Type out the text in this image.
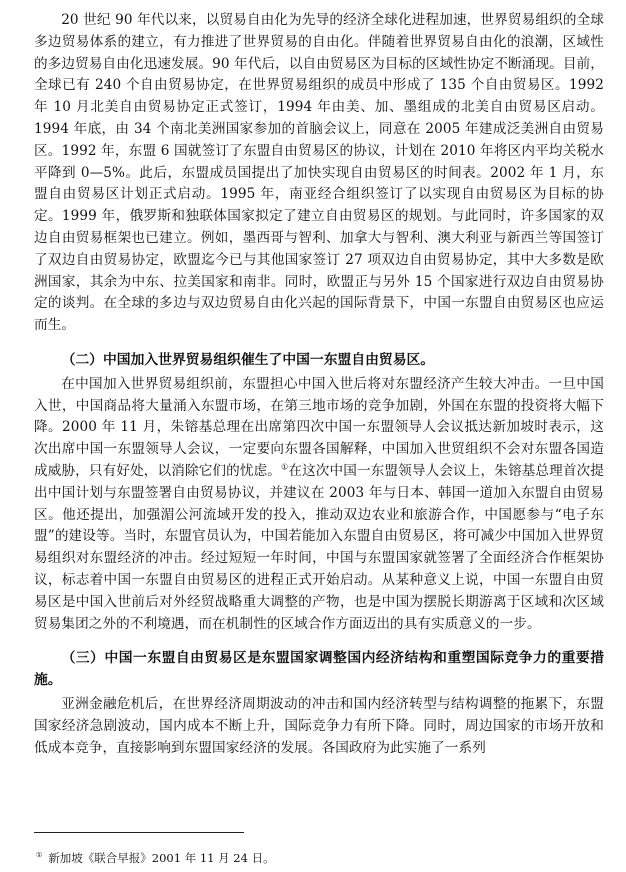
20 世纪 90 年代以来，以贸易自由化为先导的经济全球化进程加速，世界贸易组织的全球多边贸易体系的建立，有力推进了世界贸易的自由化。伴随着世界贸易自由化的浪潮，区域性的多边贸易自由化迅速发展。90 年代后，以自由贸易区为目标的区域性协定不断涌现。目前，全球已有 240 个自由贸易协定，在世界贸易组织的成员中形成了 135 个自由贸易区。1992 年 10 月北美自由贸易协定正式签订，1994 年由美、加、墨组成的北美自由贸易区启动。1994 年底，由 34 个南北美洲国家参加的首脑会议上，同意在 2005 年建成泛美洲自由贸易区。1992 年，东盟 6 国就签订了东盟自由贸易区的协议，计划在 2010 年将区内平均关税水平降到 0—5%。此后，东盟成员国提出了加快实现自由贸易区的时间表。2002 年 1 月，东盟自由贸易区计划正式启动。1995 年，南亚经合组织签订了以实现自由贸易区为目标的协定。1999 年，俄罗斯和独联体国家拟定了建立自由贸易区的规划。与此同时，许多国家的双边自由贸易框架也已建立。例如，墨西哥与智利、加拿大与智利、澳大利亚与新西兰等国签订了双边自由贸易协定，欧盟迄今已与其他国家签订 27 项双边自由贸易协定，其中大多数是欧洲国家，其余为中东、拉美国家和南非。同时，欧盟正与另外 15 个国家进行双边自由贸易协定的谈判。在全球的多边与双边贸易自由化兴起的国际背景下，中国一东盟自由贸易区也应运而生。

（二）中国加入世界贸易组织催生了中国一东盟自由贸易区。

在中国加入世界贸易组织前，东盟担心中国入世后将对东盟经济产生较大冲击。一旦中国入世，中国商品将大量涌入东盟市场，在第三地市场的竞争加剧，外国在东盟的投资将大幅下降。2000 年 11 月，朱镕基总理在出席第四次中国一东盟领导人会议抵达新加坡时表示，这次出席中国一东盟领导人会议，一定要向东盟各国解释，中国加入世贸组织不会对东盟各国造成威胁，只有好处，以消除它们的忧虑。①在这次中国一东盟领导人会议上，朱镕基总理首次提出中国计划与东盟签署自由贸易协议，并建议在 2003 年与日本、韩国一道加入东盟自由贸易区。他还提出，加强湄公河流域开发的投入，推动双边农业和旅游合作，中国愿参与“电子东盟”的建设等。当时，东盟官员认为，中国若能加入东盟自由贸易区，将可减少中国加入世界贸易组织对东盟经济的冲击。经过短短一年时间，中国与东盟国家就签署了全面经济合作框架协议，标志着中国一东盟自由贸易区的进程正式开始启动。从某种意义上说，中国一东盟自由贸易区是中国入世前后对外经贸战略重大调整的产物，也是中国为摆脱长期游离于区域和次区域贸易集团之外的不利境遇，而在机制性的区域合作方面迈出的具有实质意义的一步。

（三）中国一东盟自由贸易区是东盟国家调整国内经济结构和重塑国际竞争力的重要措施。

亚洲金融危机后，在世界经济周期波动的冲击和国内经济转型与结构调整的拖累下，东盟国家经济急剧波动，国内成本不断上升，国际竞争力有所下降。同时，周边国家的市场开放和低成本竞争，直接影响到东盟国家经济的发展。各国政府为此实施了一系列

① 新加坡《联合早报》2001 年 11 月 24 日。
